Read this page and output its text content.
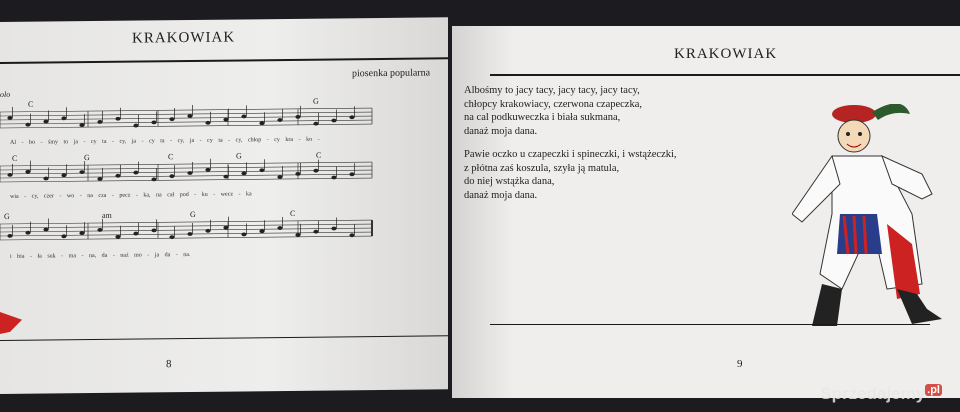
KRAKOWIAK
piosenka popularna
olo
C	G
C	G	C	G	C
G	am	G	C
Al - bo - śmy to ja - cy ta - cy, ja - cy ta - cy, ja - cy ta - cy, chłop - cy kra - ko -
wia - cy, czer - wo - na cza - pecz - ka, na cał pod - ku - wecz - ka
i bia - ła suk - ma - na, da - naż mo - ja da - na.
8
KRAKOWIAK
Albośmy to jacy tacy, jacy tacy, jacy tacy,
chłopcy krakowiacy, czerwona czapeczka,
na cal podkuweczka i biała sukmana,
danaż moja dana.
Pawie oczko u czapeczki i spineczki, i wstążeczki,
z płótna zaś koszula, szyła ją matula,
do niej wstążka dana,
danaż moja dana.
9
Sprzedajemy $^{.pl}$
